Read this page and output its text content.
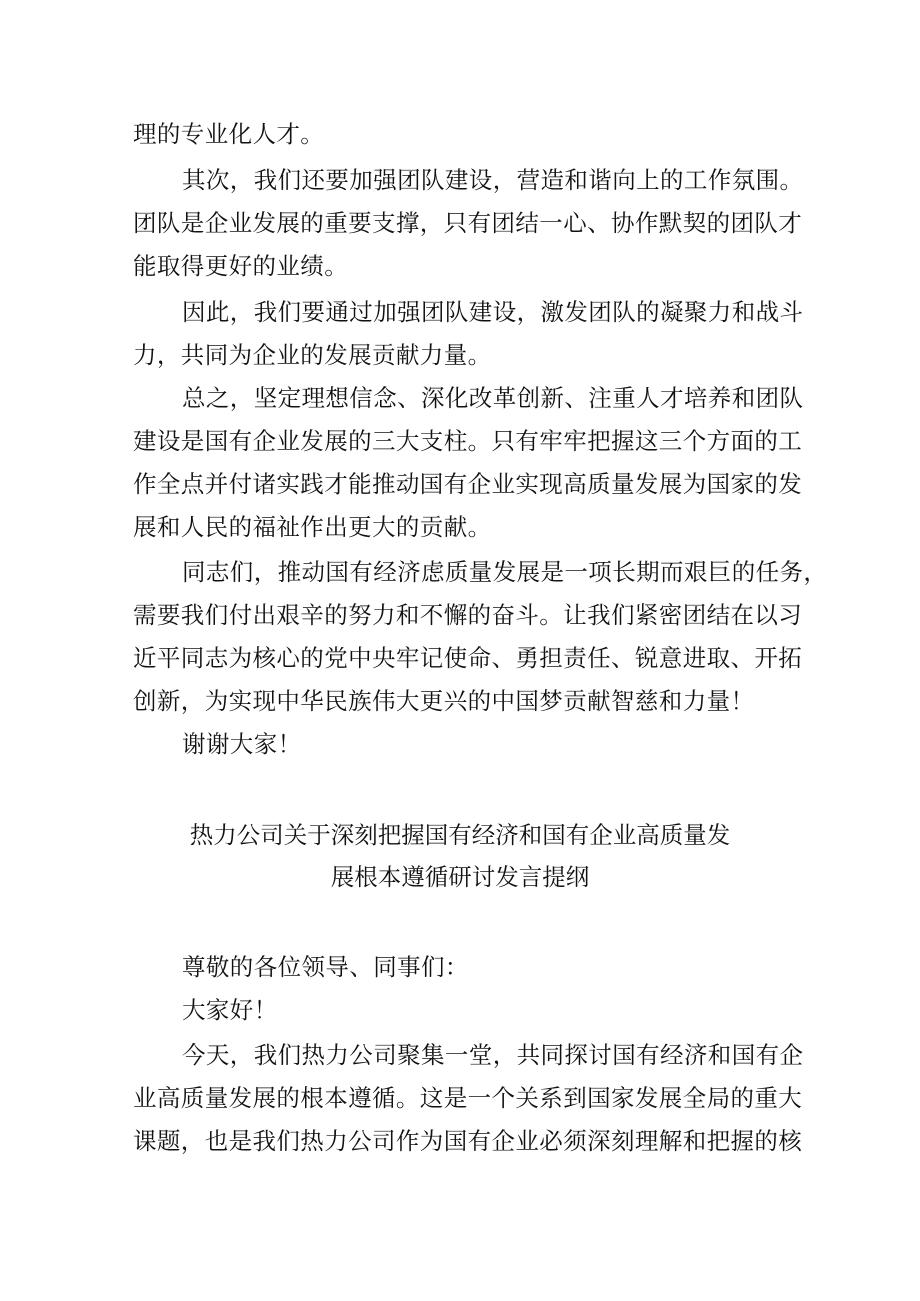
理的专业化人才。
其次，我们还要加强团队建设，营造和谐向上的工作氛围。
团队是企业发展的重要支撑，只有团结一心、协作默契的团队才
能取得更好的业绩。
因此，我们要通过加强团队建设，激发团队的凝聚力和战斗
力，共同为企业的发展贡献力量。
总之，坚定理想信念、深化改革创新、注重人才培养和团队
建设是国有企业发展的三大支柱。只有牢牢把握这三个方面的工
作全点并付诸实践才能推动国有企业实现高质量发展为国家的发
展和人民的福祉作出更大的贡献。
同志们，推动国有经济虑质量发展是一项长期而艰巨的任务，
需要我们付出艰辛的努力和不懈的奋斗。让我们紧密团结在以习
近平同志为核心的党中央牢记使命、勇担责任、锐意进取、开拓
创新，为实现中华民族伟大更兴的中国梦贡献智慈和力量！
谢谢大家！
热力公司关于深刻把握国有经济和国有企业高质量发
展根本遵循研讨发言提纲
尊敬的各位领导、同事们：
大家好！
今天，我们热力公司聚集一堂，共同探讨国有经济和国有企
业高质量发展的根本遵循。这是一个关系到国家发展全局的重大
课题，也是我们热力公司作为国有企业必须深刻理解和把握的核
